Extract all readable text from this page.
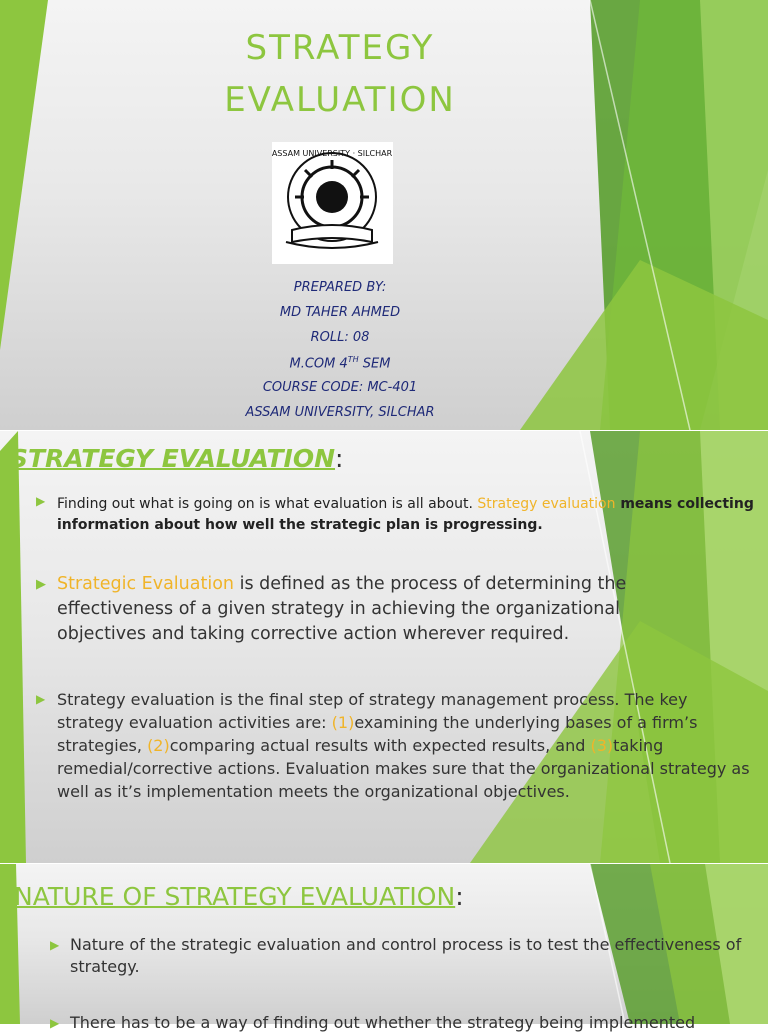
STRATEGY
EVALUATION
ASSAM UNIVERSITY · SILCHAR
PREPARED BY:
MD TAHER AHMED
ROLL: 08
M.COM 4TH SEM
COURSE CODE: MC-401
ASSAM UNIVERSITY, SILCHAR
STRATEGY EVALUATION:
▶ Finding out what is going on is what evaluation is all about. Strategy evaluation means collecting information about how well the strategic plan is progressing.
▶ Strategic Evaluation is defined as the process of determining the effectiveness of a given strategy in achieving the organizational objectives and taking corrective action wherever required.
▶ Strategy evaluation is the final step of strategy management process. The key strategy evaluation activities are: (1)examining the underlying bases of a firm’s strategies, (2)comparing actual results with expected results, and (3)taking remedial/corrective actions. Evaluation makes sure that the organizational strategy as well as it’s implementation meets the organizational objectives.
NATURE OF STRATEGY EVALUATION:
▶ Nature of the strategic evaluation and control process is to test the effectiveness of strategy.
▶ There has to be a way of finding out whether the strategy being implemented
